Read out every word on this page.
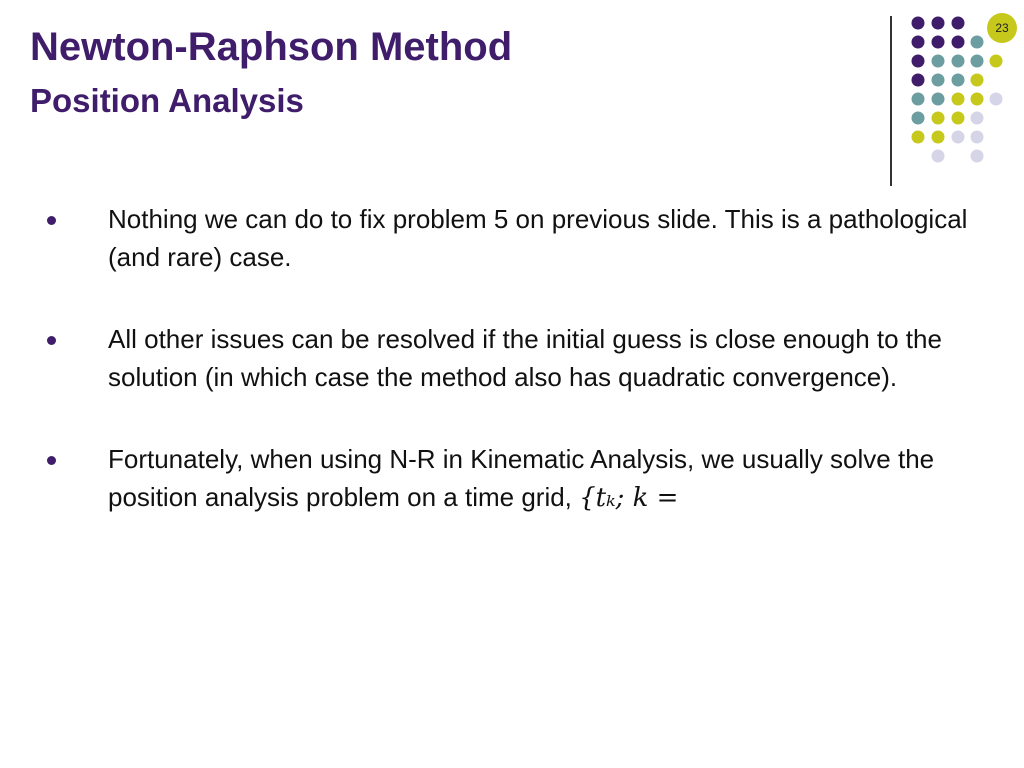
Newton-Raphson Method
Position Analysis
23
Nothing we can do to fix problem 5 on previous slide. This is a pathological (and rare) case.
All other issues can be resolved if the initial guess is close enough to the solution (in which case the method also has quadratic convergence).
Fortunately, when using N-R in Kinematic Analysis, we usually solve the position analysis problem on a time grid, {tₖ; k =
